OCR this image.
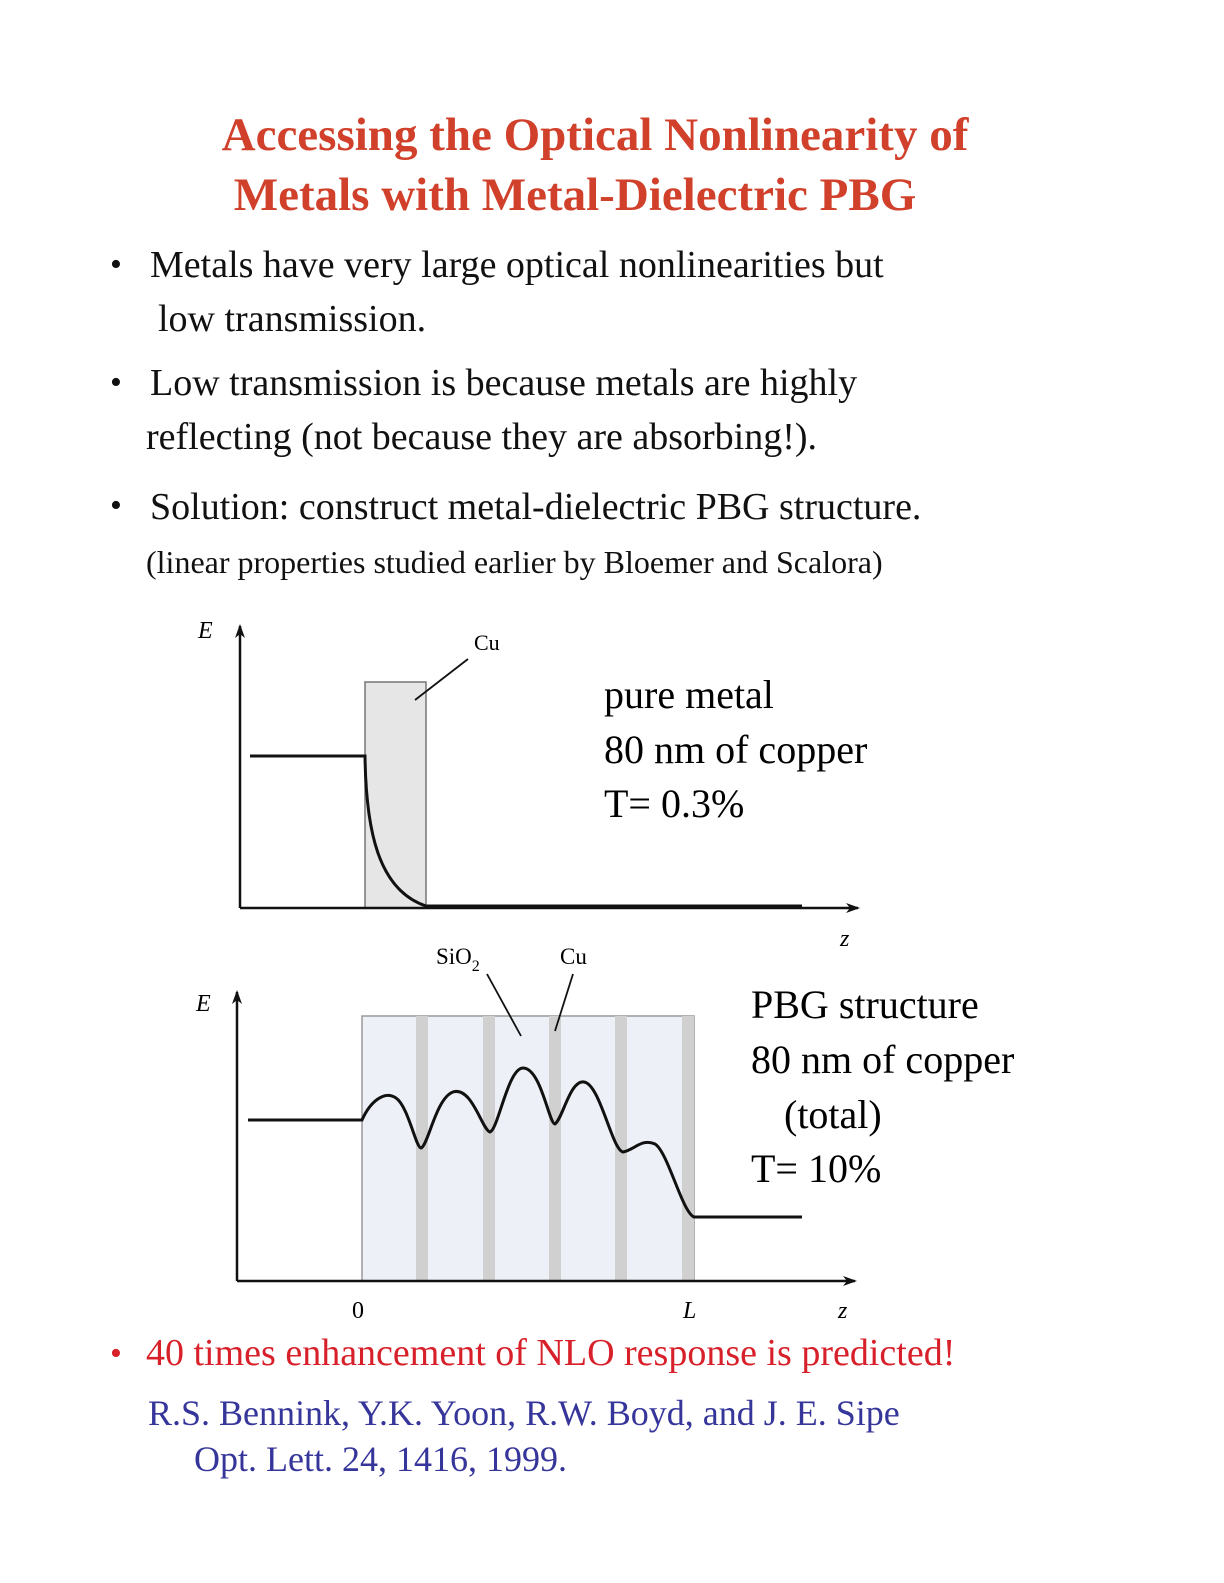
Accessing the Optical Nonlinearity of
Metals with Metal-Dielectric PBG
• Metals have very large optical nonlinearities but
low transmission.
• Low transmission is because metals are highly
reflecting (not because they are absorbing!).
• Solution: construct metal-dielectric PBG structure.
(linear properties studied earlier by Bloemer and Scalora)
E
z
Cu
pure metal
80 nm of copper
T= 0.3%
E
z
0	L
SiO$_2$	Cu
PBG structure
80 nm of copper
(total)
T= 10%
• 40 times enhancement of NLO response is predicted!
R.S. Bennink, Y.K. Yoon, R.W. Boyd, and J. E. Sipe
Opt. Lett. 24, 1416, 1999.
